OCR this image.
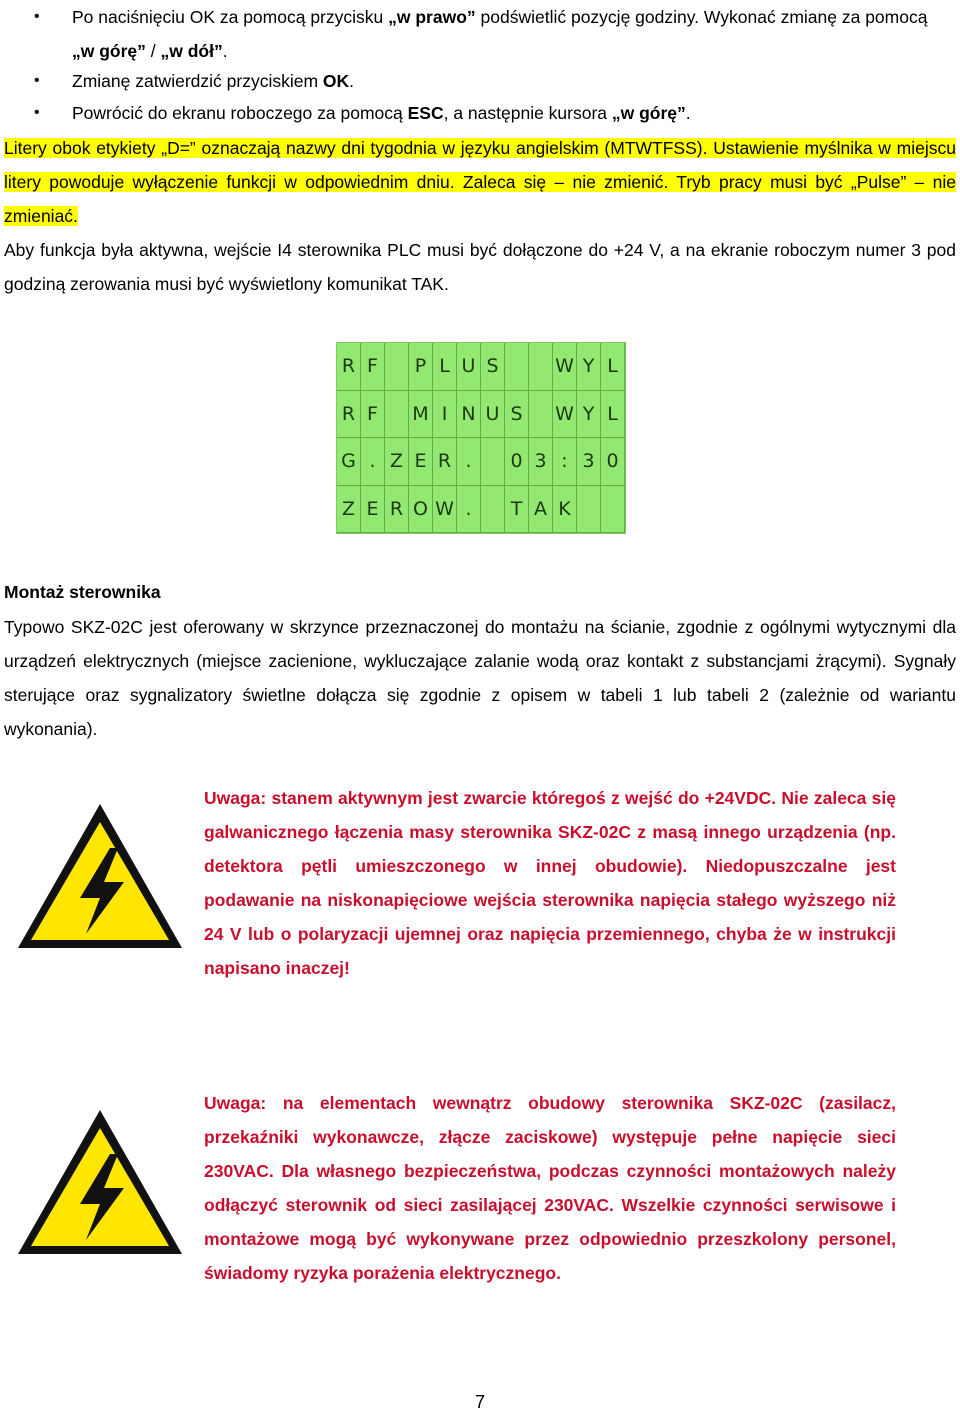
• Po naciśnięciu OK za pomocą przycisku „w prawo” podświetlić pozycję godziny. Wykonać zmianę za pomocą „w górę” / „w dół”.
• Zmianę zatwierdzić przyciskiem OK.
• Powrócić do ekranu roboczego za pomocą ESC, a następnie kursora „w górę”.
Litery obok etykiety „D=” oznaczają nazwy dni tygodnia w języku angielskim (MTWTFSS). Ustawienie myślnika w miejscu litery powoduje wyłączenie funkcji w odpowiednim dniu. Zaleca się – nie zmienić. Tryb pracy musi być „Pulse” – nie zmieniać.
Aby funkcja była aktywna, wejście I4 sterownika PLC musi być dołączone do +24 V, a na ekranie roboczym numer 3 pod godziną zerowania musi być wyświetlony komunikat TAK.
R F	P L U S	W Y L
R F	M I N U S	W Y L
G . Z E R .	0 3 : 3 0
Z E R O W .	T A K
Montaż sterownika
Typowo SKZ-02C jest oferowany w skrzynce przeznaczonej do montażu na ścianie, zgodnie z ogólnymi wytycznymi dla urządzeń elektrycznych (miejsce zacienione, wykluczające zalanie wodą oraz kontakt z substancjami żrącymi). Sygnały sterujące oraz sygnalizatory świetlne dołącza się zgodnie z opisem w tabeli 1 lub tabeli 2 (zależnie od wariantu wykonania).
Uwaga: stanem aktywnym jest zwarcie któregoś z wejść do +24VDC. Nie zaleca się galwanicznego łączenia masy sterownika SKZ-02C z masą innego urządzenia (np. detektora pętli umieszczonego w innej obudowie). Niedopuszczalne jest podawanie na niskonapięciowe wejścia sterownika napięcia stałego wyższego niż 24 V lub o polaryzacji ujemnej oraz napięcia przemiennego, chyba że w instrukcji napisano inaczej!
Uwaga: na elementach wewnątrz obudowy sterownika SKZ-02C (zasilacz, przekaźniki wykonawcze, złącze zaciskowe) występuje pełne napięcie sieci 230VAC. Dla własnego bezpieczeństwa, podczas czynności montażowych należy odłączyć sterownik od sieci zasilającej 230VAC. Wszelkie czynności serwisowe i montażowe mogą być wykonywane przez odpowiednio przeszkolony personel, świadomy ryzyka porażenia elektrycznego.
7
